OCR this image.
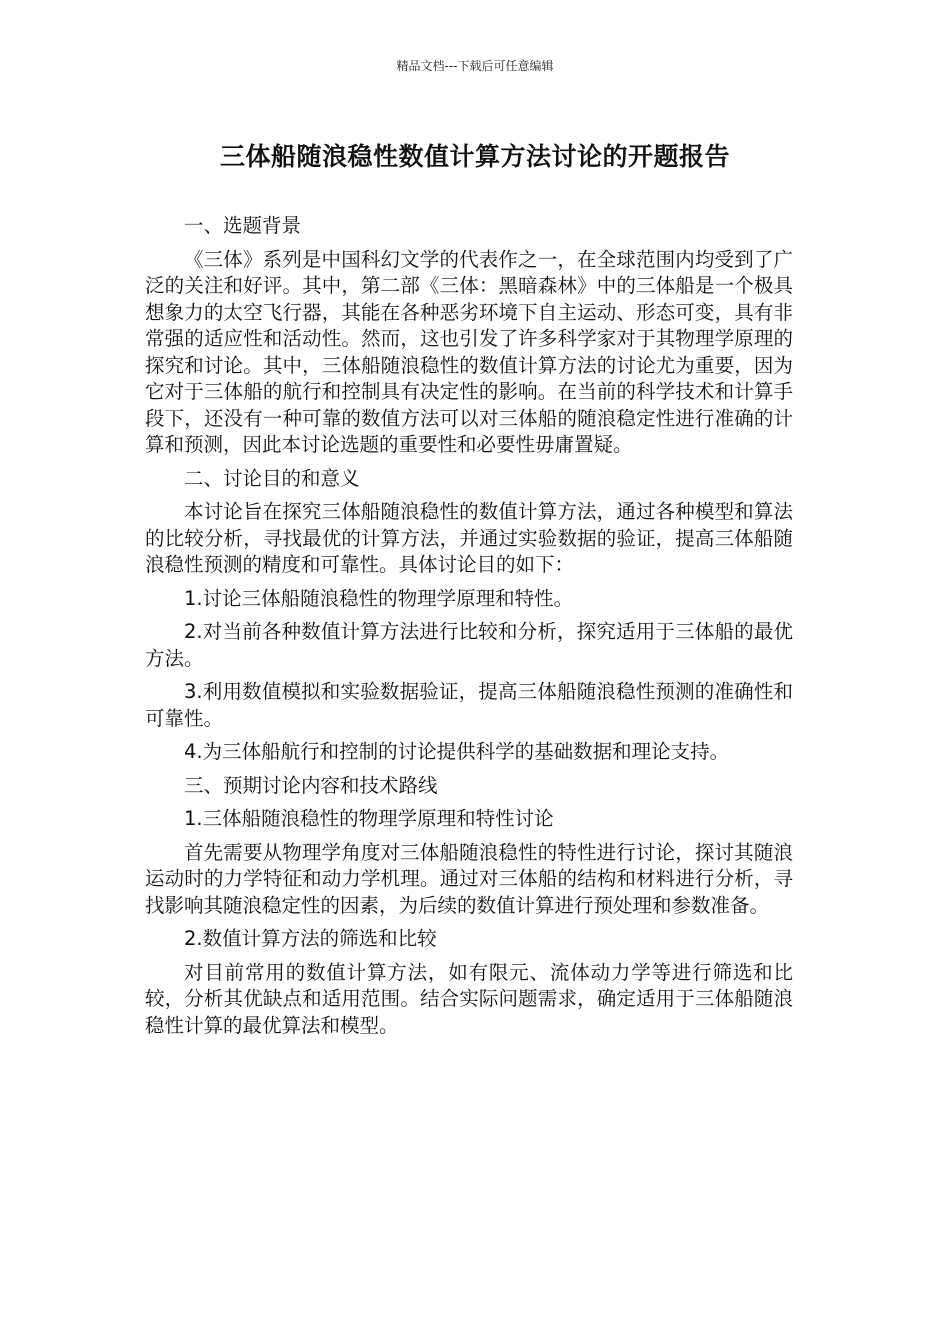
精品文档---下载后可任意编辑
三体船随浪稳性数值计算方法讨论的开题报告

一、选题背景

《三体》系列是中国科幻文学的代表作之一，在全球范围内均受到了广泛的关注和好评。其中，第二部《三体：黑暗森林》中的三体船是一个极具想象力的太空飞行器，其能在各种恶劣环境下自主运动、形态可变，具有非常强的适应性和活动性。然而，这也引发了许多科学家对于其物理学原理的探究和讨论。其中，三体船随浪稳性的数值计算方法的讨论尤为重要，因为它对于三体船的航行和控制具有决定性的影响。在当前的科学技术和计算手段下，还没有一种可靠的数值方法可以对三体船的随浪稳定性进行准确的计算和预测，因此本讨论选题的重要性和必要性毋庸置疑。

二、讨论目的和意义

本讨论旨在探究三体船随浪稳性的数值计算方法，通过各种模型和算法的比较分析，寻找最优的计算方法，并通过实验数据的验证，提高三体船随浪稳性预测的精度和可靠性。具体讨论目的如下：

1.讨论三体船随浪稳性的物理学原理和特性。

2.对当前各种数值计算方法进行比较和分析，探究适用于三体船的最优方法。

3.利用数值模拟和实验数据验证，提高三体船随浪稳性预测的准确性和可靠性。

4.为三体船航行和控制的讨论提供科学的基础数据和理论支持。

三、预期讨论内容和技术路线

1.三体船随浪稳性的物理学原理和特性讨论

首先需要从物理学角度对三体船随浪稳性的特性进行讨论，探讨其随浪运动时的力学特征和动力学机理。通过对三体船的结构和材料进行分析，寻找影响其随浪稳定性的因素，为后续的数值计算进行预处理和参数准备。

2.数值计算方法的筛选和比较

对目前常用的数值计算方法，如有限元、流体动力学等进行筛选和比较，分析其优缺点和适用范围。结合实际问题需求，确定适用于三体船随浪稳性计算的最优算法和模型。
